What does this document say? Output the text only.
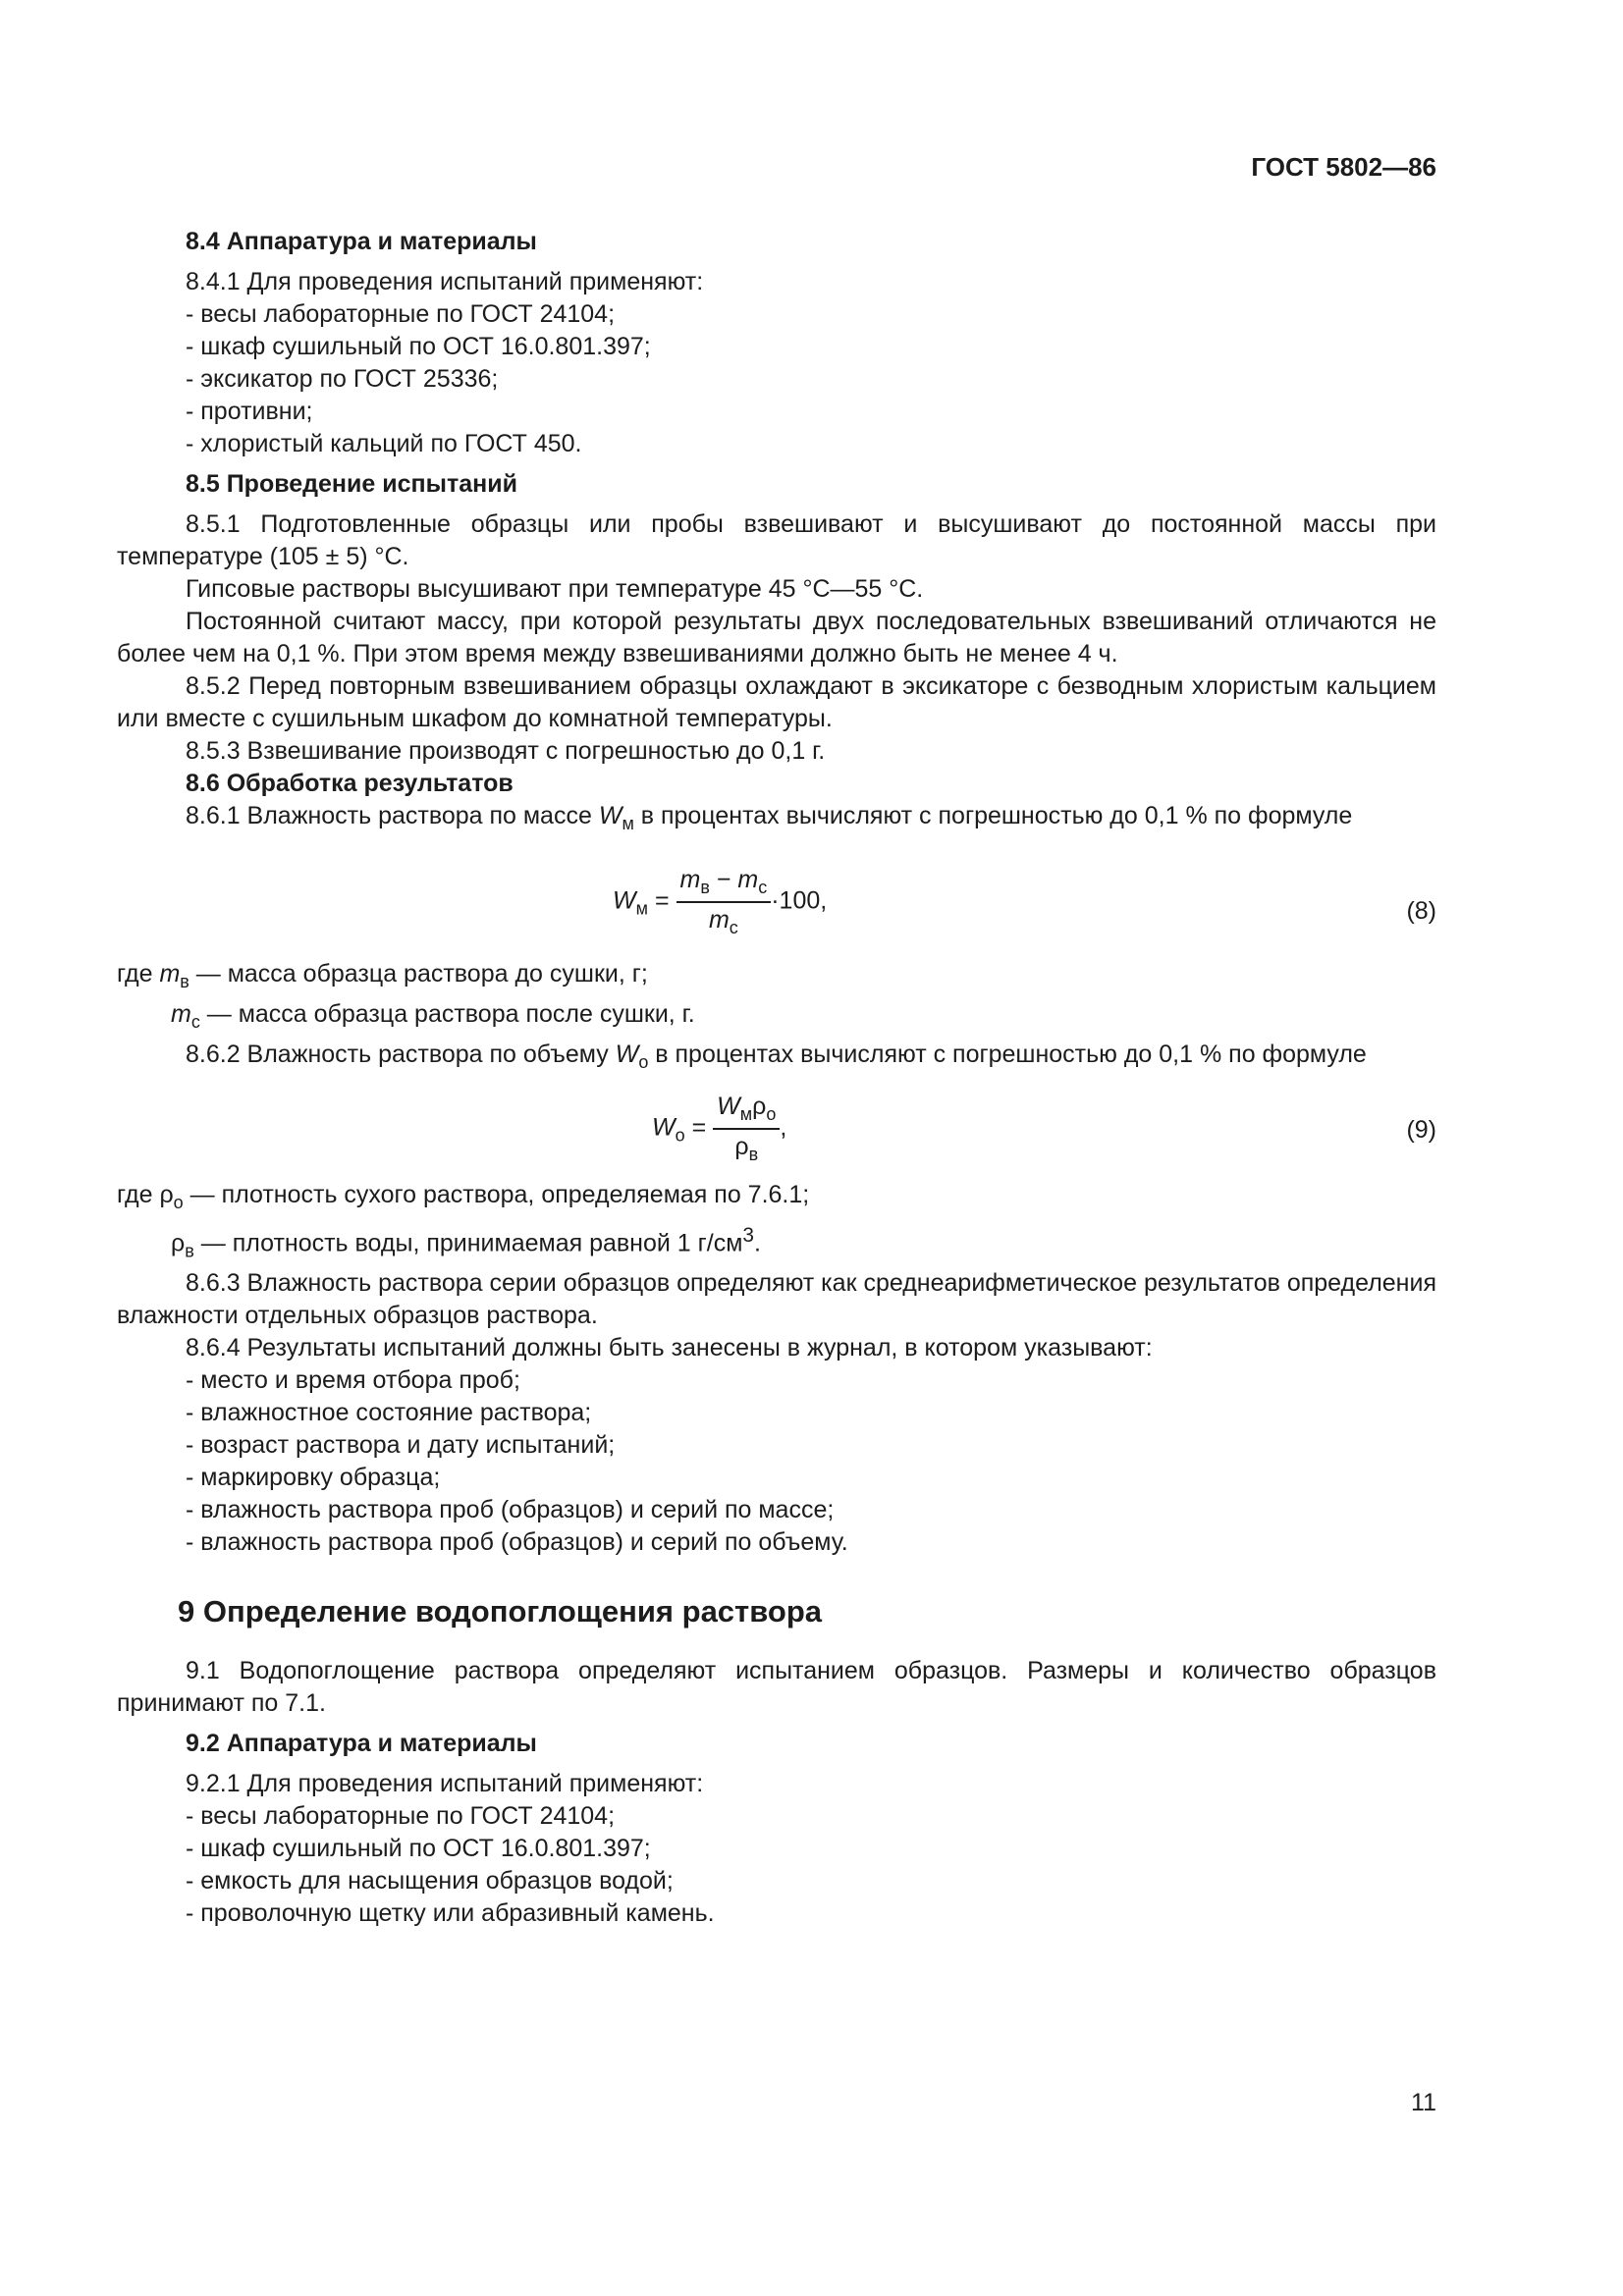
ГОСТ 5802—86
8.4 Аппаратура и материалы
8.4.1 Для проведения испытаний применяют:
- весы лабораторные по ГОСТ 24104;
- шкаф сушильный по ОСТ 16.0.801.397;
- эксикатор по ГОСТ 25336;
- противни;
- хлористый кальций по ГОСТ 450.
8.5 Проведение испытаний
8.5.1 Подготовленные образцы или пробы взвешивают и высушивают до постоянной массы при температуре (105 ± 5) °С.
Гипсовые растворы высушивают при температуре 45 °С—55 °С.
Постоянной считают массу, при которой результаты двух последовательных взвешиваний отличаются не более чем на 0,1 %. При этом время между взвешиваниями должно быть не менее 4 ч.
8.5.2 Перед повторным взвешиванием образцы охлаждают в эксикаторе с безводным хлористым кальцием или вместе с сушильным шкафом до комнатной температуры.
8.5.3 Взвешивание производят с погрешностью до 0,1 г.
8.6 Обработка результатов
8.6.1 Влажность раствора по массе $W_м$ в процентах вычисляют с погрешностью до 0,1 % по формуле
$W_м = \frac{m_в - m_с}{m_с} \cdot 100$,	(8)
где $m_в$ — масса образца раствора до сушки, г;
$m_с$ — масса образца раствора после сушки, г.
8.6.2 Влажность раствора по объему $W_о$ в процентах вычисляют с погрешностью до 0,1 % по формуле
$W_о = \frac{W_м\rho_о}{\rho_в}$ ,	(9)
где $\rho_о$ — плотность сухого раствора, определяемая по 7.6.1;
$\rho_в$ — плотность воды, принимаемая равной 1 $г/см^3$.
8.6.3 Влажность раствора серии образцов определяют как среднеарифметическое результатов определения влажности отдельных образцов раствора.
8.6.4 Результаты испытаний должны быть занесены в журнал, в котором указывают:
- место и время отбора проб;
- влажностное состояние раствора;
- возраст раствора и дату испытаний;
- маркировку образца;
- влажность раствора проб (образцов) и серий по массе;
- влажность раствора проб (образцов) и серий по объему.
9 Определение водопоглощения раствора
9.1 Водопоглощение раствора определяют испытанием образцов. Размеры и количество образцов принимают по 7.1.
9.2 Аппаратура и материалы
9.2.1 Для проведения испытаний применяют:
- весы лабораторные по ГОСТ 24104;
- шкаф сушильный по ОСТ 16.0.801.397;
- емкость для насыщения образцов водой;
- проволочную щетку или абразивный камень.
11
